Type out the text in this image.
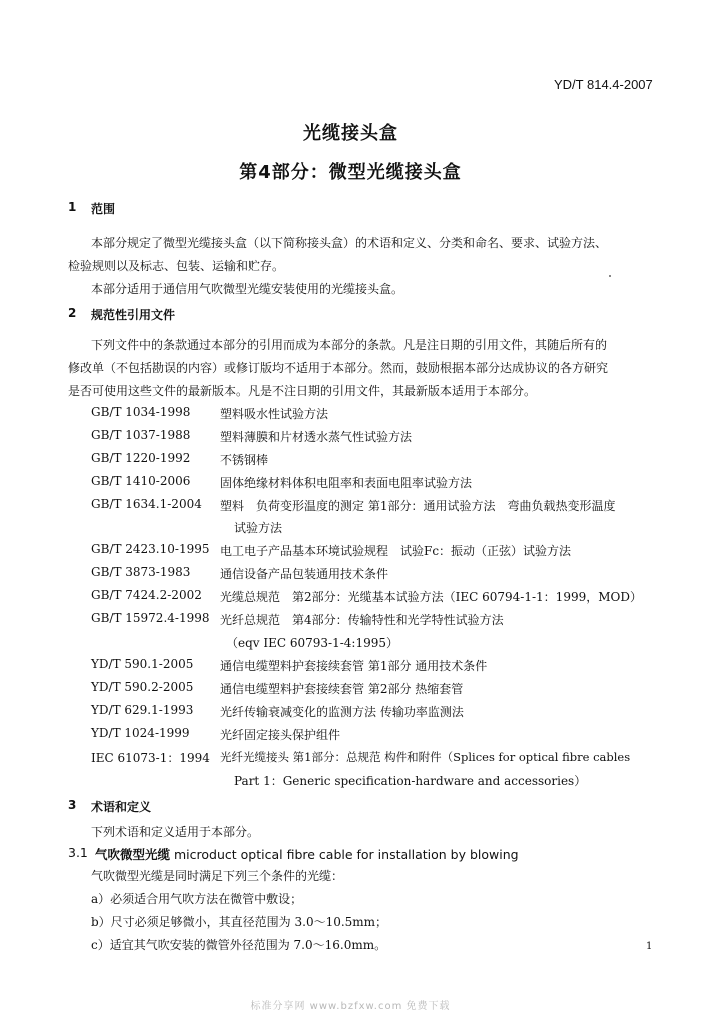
YD/T 814.4-2007
光缆接头盒
第4部分：微型光缆接头盒
1 范围
本部分规定了微型光缆接头盒（以下简称接头盒）的术语和定义、分类和命名、要求、试验方法、
检验规则以及标志、包装、运输和贮存。
本部分适用于通信用气吹微型光缆安装使用的光缆接头盒。
2 规范性引用文件
下列文件中的条款通过本部分的引用而成为本部分的条款。凡是注日期的引用文件，其随后所有的
修改单（不包括勘误的内容）或修订版均不适用于本部分。然而，鼓励根据本部分达成协议的各方研究
是否可使用这些文件的最新版本。凡是不注日期的引用文件，其最新版本适用于本部分。
GB/T 1034-1998 塑料吸水性试验方法
GB/T 1037-1988 塑料薄膜和片材透水蒸气性试验方法
GB/T 1220-1992 不锈钢棒
GB/T 1410-2006 固体绝缘材料体积电阻率和表面电阻率试验方法
GB/T 1634.1-2004 塑料　负荷变形温度的测定 第1部分：通用试验方法　弯曲负载热变形温度
试验方法
GB/T 2423.10-1995 电工电子产品基本环境试验规程　试验Fc：振动（正弦）试验方法
GB/T 3873-1983 通信设备产品包装通用技术条件
GB/T 7424.2-2002 光缆总规范　第2部分：光缆基本试验方法（IEC 60794-1-1：1999，MOD）
GB/T 15972.4-1998 光纤总规范　第4部分：传输特性和光学特性试验方法
（eqv IEC 60793-1-4:1995）
YD/T 590.1-2005 通信电缆塑料护套接续套管 第1部分 通用技术条件
YD/T 590.2-2005 通信电缆塑料护套接续套管 第2部分 热缩套管
YD/T 629.1-1993 光纤传输衰减变化的监测方法 传输功率监测法
YD/T 1024-1999	光纤固定接头保护组件
IEC 61073-1：1994 光纤光缆接头 第1部分：总规范 构件和附件（Splices for optical fibre cables
Part 1：Generic specification-hardware and accessories）
3 术语和定义
下列术语和定义适用于本部分。
3.1 气吹微型光缆 microduct optical fibre cable for installation by blowing
气吹微型光缆是同时满足下列三个条件的光缆：
a）必须适合用气吹方法在微管中敷设；
b）尺寸必须足够微小，其直径范围为 3.0～10.5mm；
c）适宜其气吹安装的微管外径范围为 7.0～16.0mm。	1
标准分享网 www.bzfxw.com 免费下载
